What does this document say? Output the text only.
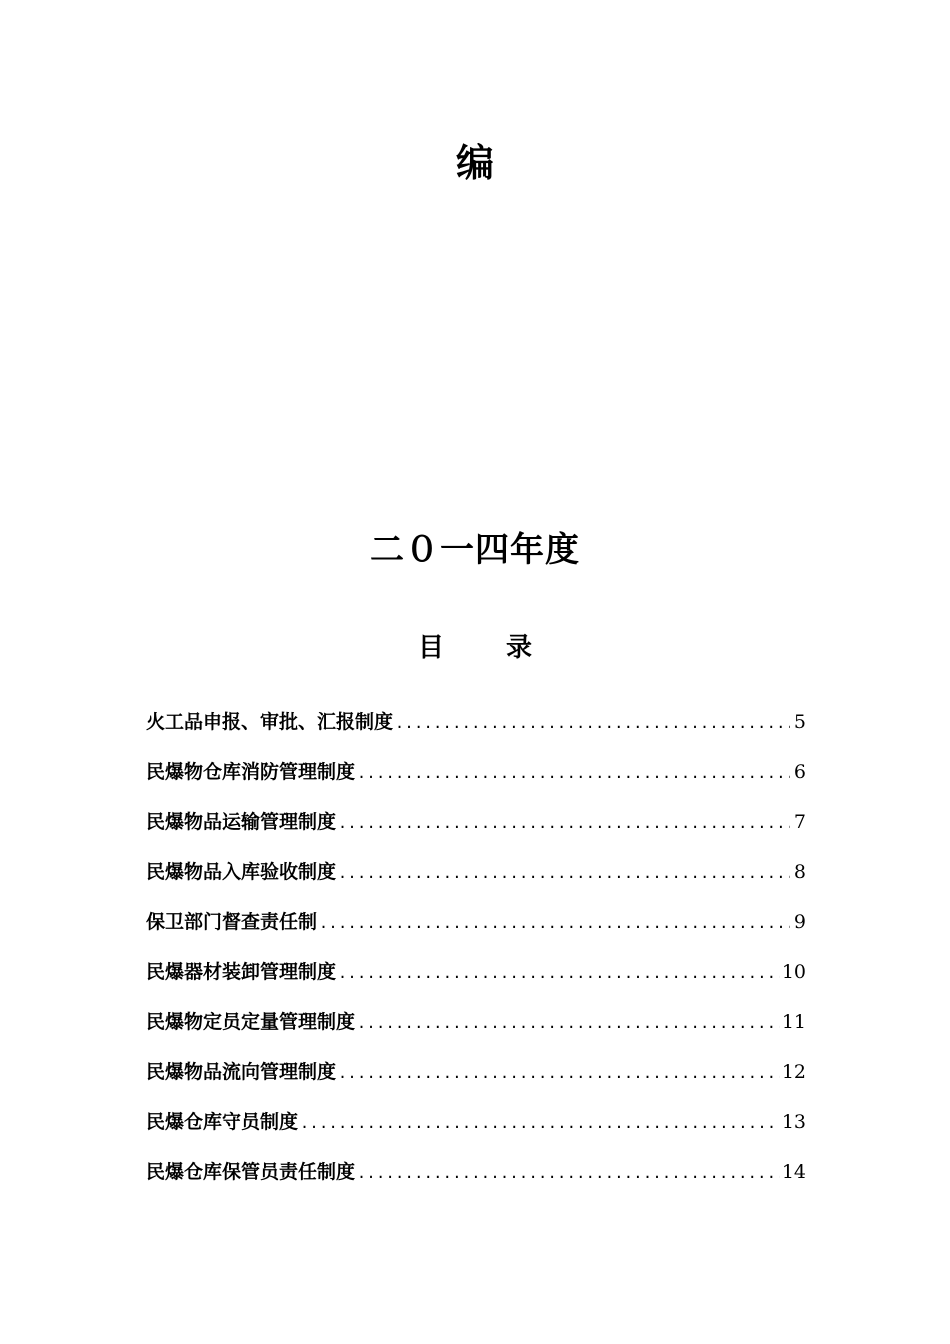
编
二０一四年度
目 录
火工品申报、审批、汇报制度 .....	5
民爆物仓库消防管理制度 .....	6
民爆物品运输管理制度 .....	7
民爆物品入库验收制度 .....	8
保卫部门督查责任制 .....	9
民爆器材装卸管理制度 .....	10
民爆物定员定量管理制度 .....	11
民爆物品流向管理制度 .....	12
民爆仓库守员制度 .....	13
民爆仓库保管员责任制度 .....	14
